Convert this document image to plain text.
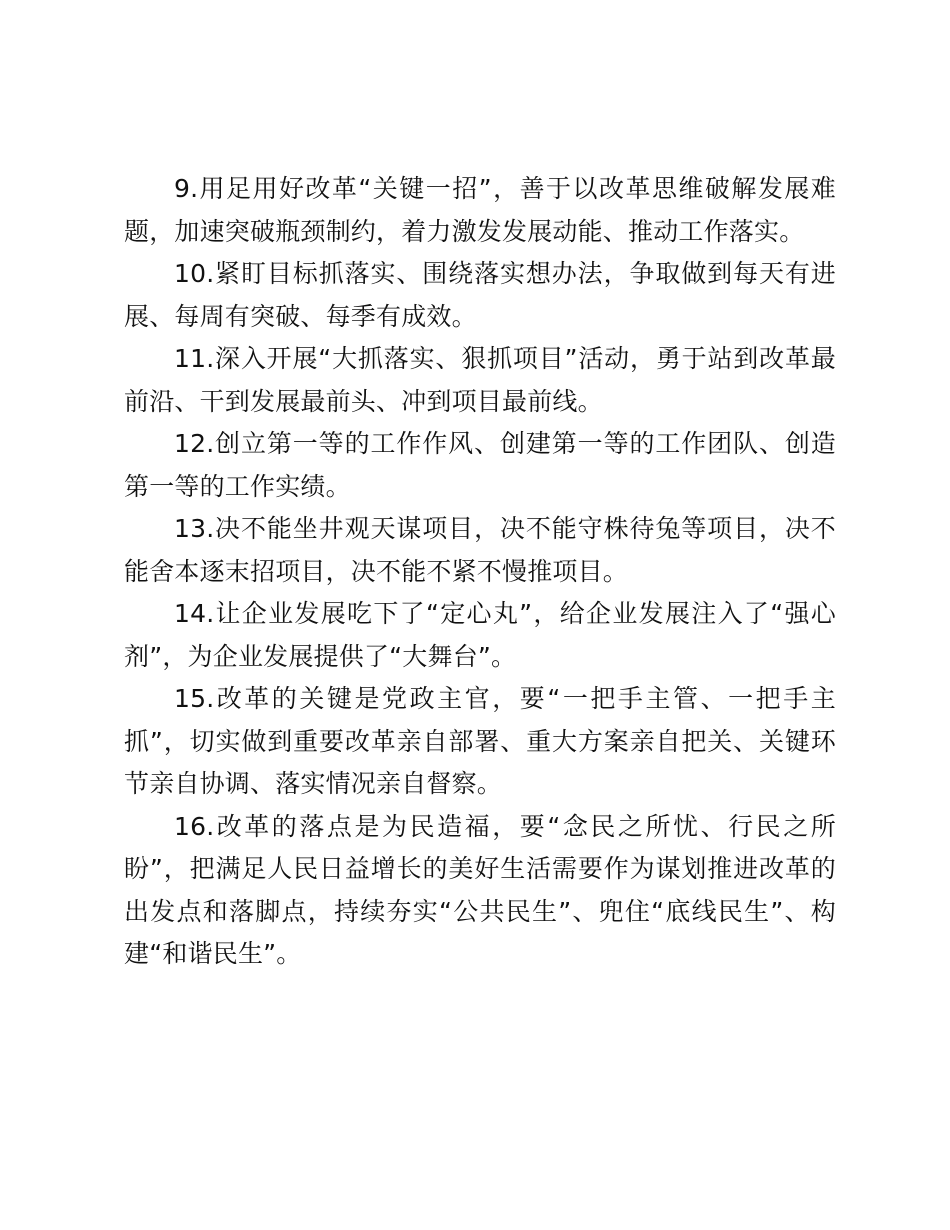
9.用足用好改革“关键一招”，善于以改革思维破解发展难题，加速突破瓶颈制约，着力激发发展动能、推动工作落实。

10.紧盯目标抓落实、围绕落实想办法，争取做到每天有进展、每周有突破、每季有成效。

11.深入开展“大抓落实、狠抓项目”活动，勇于站到改革最前沿、干到发展最前头、冲到项目最前线。

12.创立第一等的工作作风、创建第一等的工作团队、创造第一等的工作实绩。

13.决不能坐井观天谋项目，决不能守株待兔等项目，决不能舍本逐末招项目，决不能不紧不慢推项目。

14.让企业发展吃下了“定心丸”，给企业发展注入了“强心剂”，为企业发展提供了“大舞台”。

15.改革的关键是党政主官，要“一把手主管、一把手主抓”，切实做到重要改革亲自部署、重大方案亲自把关、关键环节亲自协调、落实情况亲自督察。

16.改革的落点是为民造福，要“念民之所忧、行民之所盼”，把满足人民日益增长的美好生活需要作为谋划推进改革的出发点和落脚点，持续夯实“公共民生”、兜住“底线民生”、构建“和谐民生”。
